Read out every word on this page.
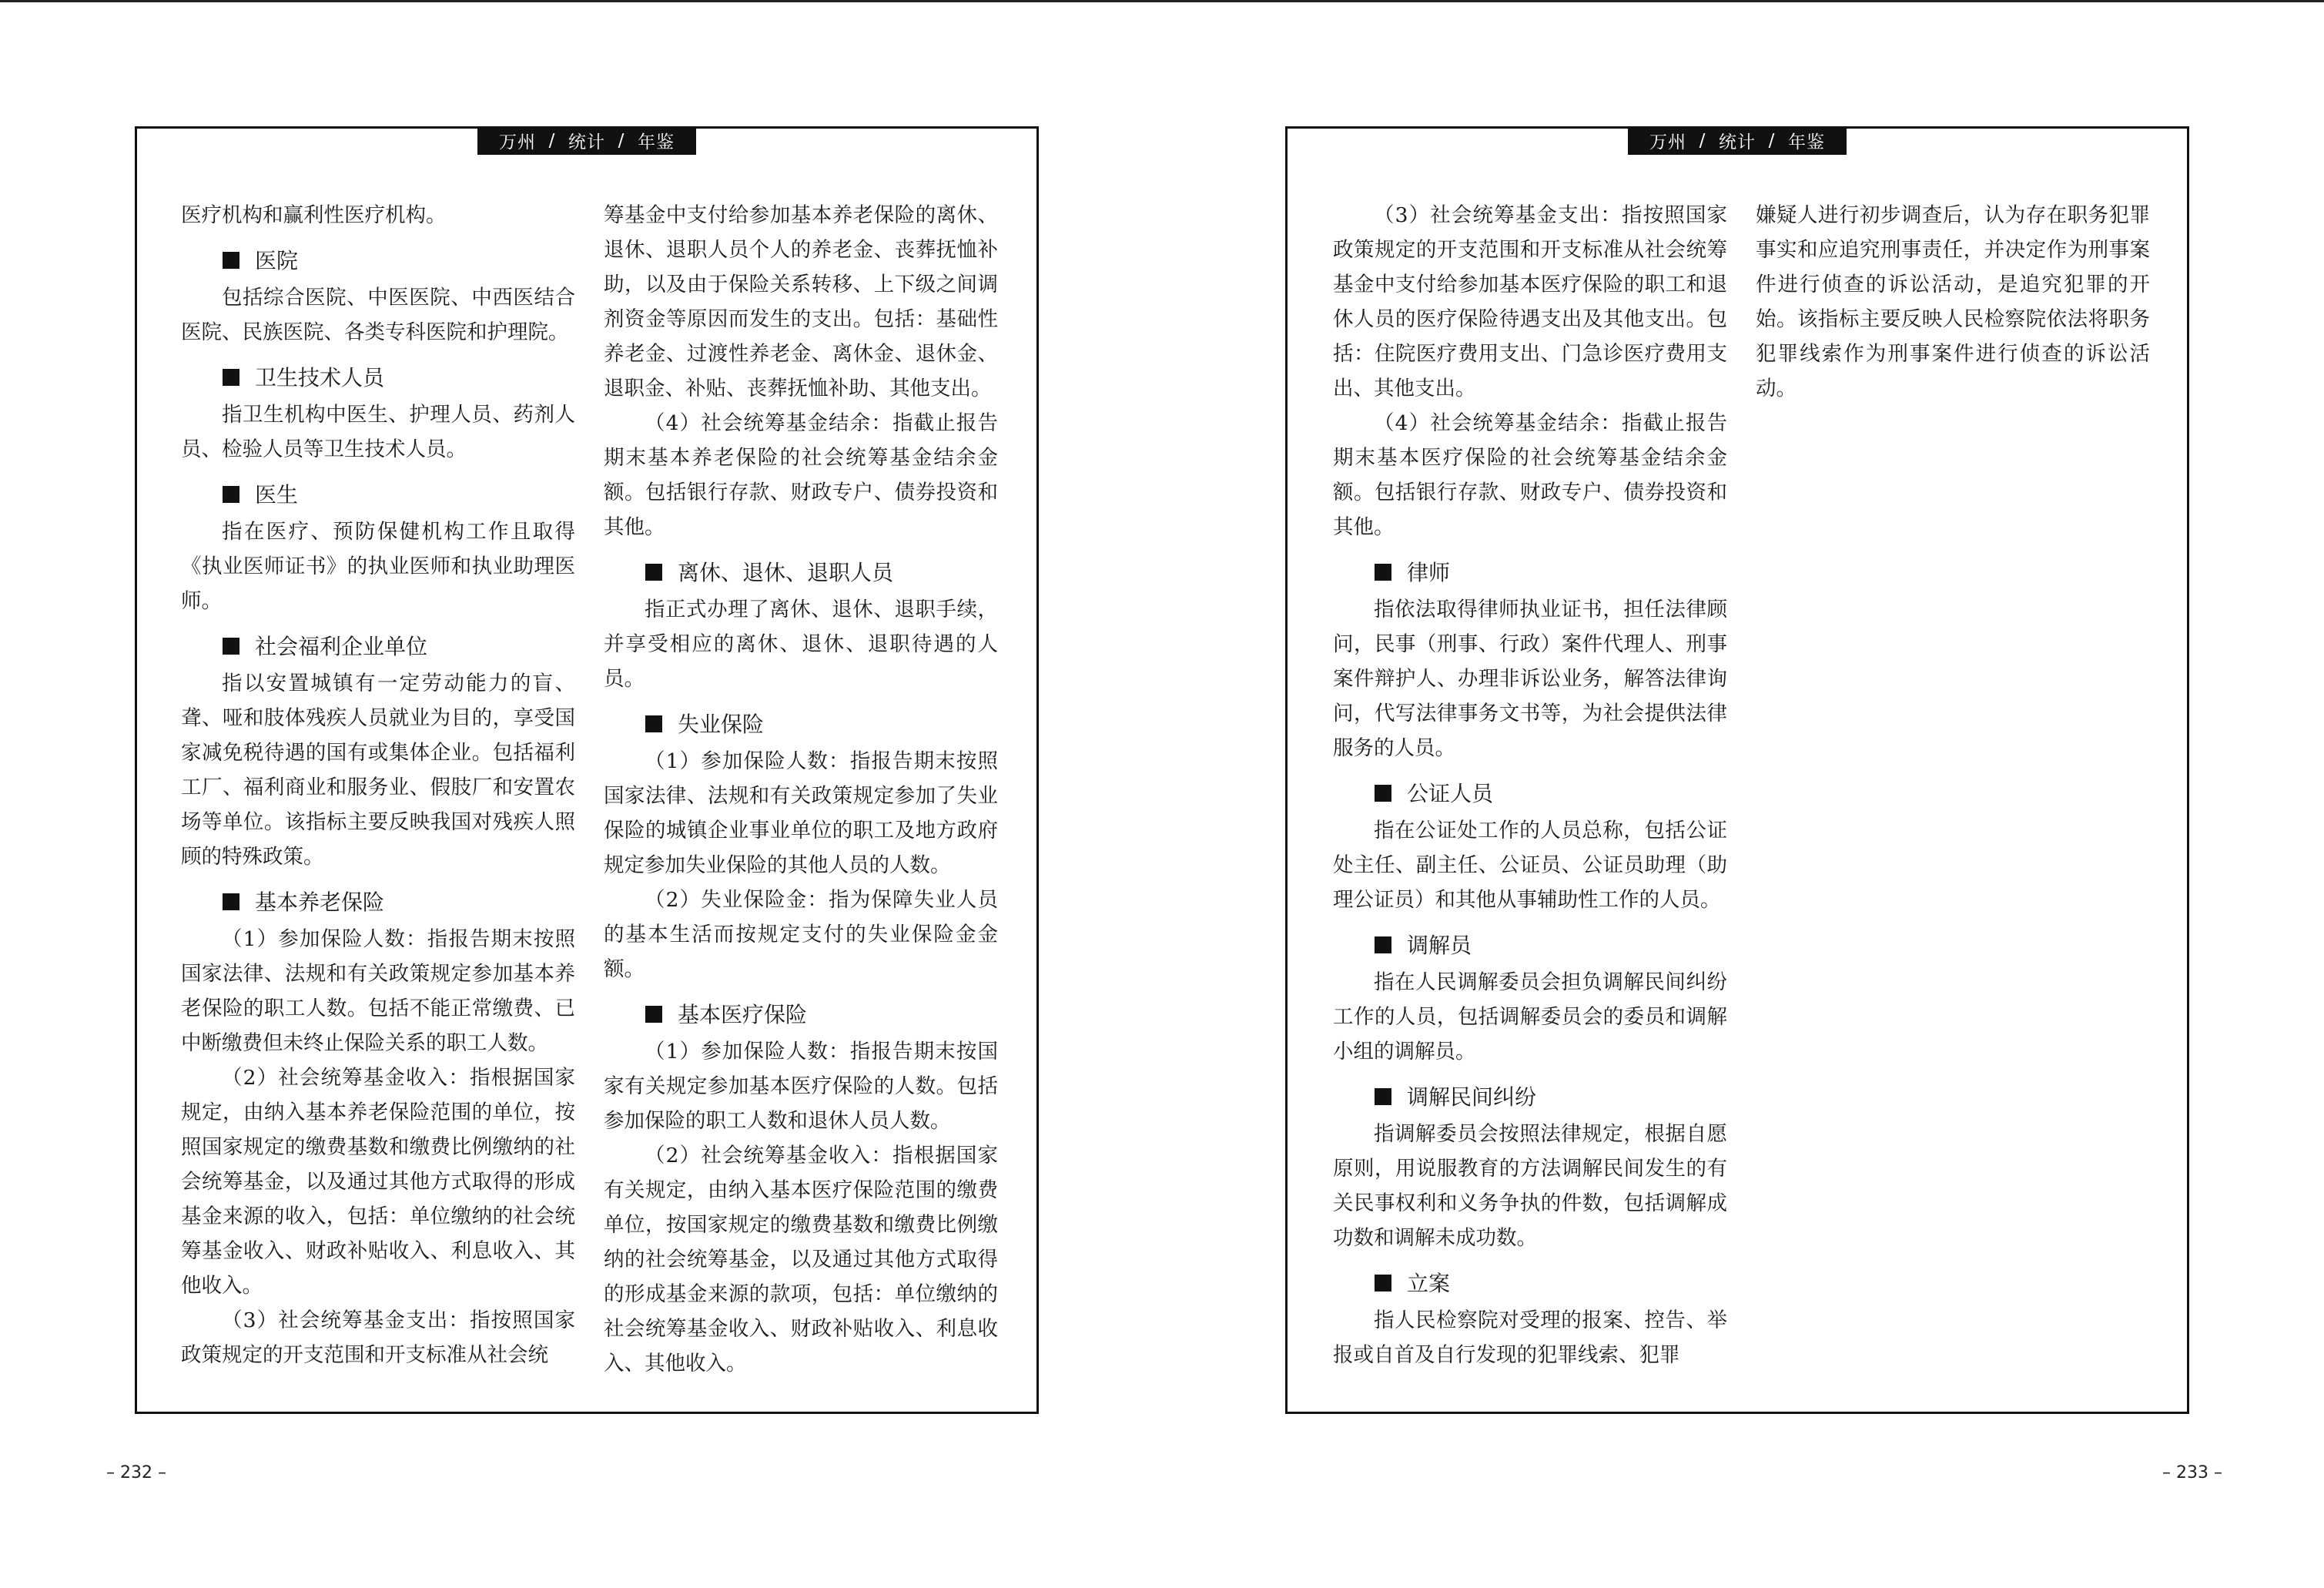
万州
/
统计
/
年鉴

医疗机构和赢利性医疗机构。

医院

包括综合医院、中医医院、中西医结合医院、民族医院、各类专科医院和护理院。

卫生技术人员

指卫生机构中医生、护理人员、药剂人员、检验人员等卫生技术人员。

医生

指在医疗、预防保健机构工作且取得《执业医师证书》的执业医师和执业助理医师。

社会福利企业单位

指以安置城镇有一定劳动能力的盲、聋、哑和肢体残疾人员就业为目的，享受国家减免税待遇的国有或集体企业。包括福利工厂、福利商业和服务业、假肢厂和安置农场等单位。该指标主要反映我国对残疾人照顾的特殊政策。

基本养老保险

（1）参加保险人数：指报告期末按照国家法律、法规和有关政策规定参加基本养老保险的职工人数。包括不能正常缴费、已中断缴费但未终止保险关系的职工人数。

（2）社会统筹基金收入：指根据国家规定，由纳入基本养老保险范围的单位，按照国家规定的缴费基数和缴费比例缴纳的社会统筹基金，以及通过其他方式取得的形成基金来源的收入，包括：单位缴纳的社会统筹基金收入、财政补贴收入、利息收入、其他收入。

（3）社会统筹基金支出：指按照国家政策规定的开支范围和开支标准从社会统

筹基金中支付给参加基本养老保险的离休、退休、退职人员个人的养老金、丧葬抚恤补助，以及由于保险关系转移、上下级之间调剂资金等原因而发生的支出。包括：基础性养老金、过渡性养老金、离休金、退休金、退职金、补贴、丧葬抚恤补助、其他支出。

（4）社会统筹基金结余：指截止报告期末基本养老保险的社会统筹基金结余金额。包括银行存款、财政专户、债券投资和其他。

离休、退休、退职人员

指正式办理了离休、退休、退职手续，并享受相应的离休、退休、退职待遇的人员。

失业保险

（1）参加保险人数：指报告期末按照国家法律、法规和有关政策规定参加了失业保险的城镇企业事业单位的职工及地方政府规定参加失业保险的其他人员的人数。

（2）失业保险金：指为保障失业人员的基本生活而按规定支付的失业保险金金额。

基本医疗保险

（1）参加保险人数：指报告期末按国家有关规定参加基本医疗保险的人数。包括参加保险的职工人数和退休人员人数。

（2）社会统筹基金收入：指根据国家有关规定，由纳入基本医疗保险范围的缴费单位，按国家规定的缴费基数和缴费比例缴纳的社会统筹基金，以及通过其他方式取得的形成基金来源的款项，包括：单位缴纳的社会统筹基金收入、财政补贴收入、利息收入、其他收入。

万州
/
统计
/
年鉴

（3）社会统筹基金支出：指按照国家政策规定的开支范围和开支标准从社会统筹基金中支付给参加基本医疗保险的职工和退休人员的医疗保险待遇支出及其他支出。包括：住院医疗费用支出、门急诊医疗费用支出、其他支出。

（4）社会统筹基金结余：指截止报告期末基本医疗保险的社会统筹基金结余金额。包括银行存款、财政专户、债券投资和其他。

律师

指依法取得律师执业证书，担任法律顾问，民事（刑事、行政）案件代理人、刑事案件辩护人、办理非诉讼业务，解答法律询问，代写法律事务文书等，为社会提供法律服务的人员。

公证人员

指在公证处工作的人员总称，包括公证处主任、副主任、公证员、公证员助理（助理公证员）和其他从事辅助性工作的人员。

调解员

指在人民调解委员会担负调解民间纠纷工作的人员，包括调解委员会的委员和调解小组的调解员。

调解民间纠纷

指调解委员会按照法律规定，根据自愿原则，用说服教育的方法调解民间发生的有关民事权利和义务争执的件数，包括调解成功数和调解未成功数。

立案

指人民检察院对受理的报案、控告、举报或自首及自行发现的犯罪线索、犯罪

嫌疑人进行初步调查后，认为存在职务犯罪事实和应追究刑事责任，并决定作为刑事案件进行侦查的诉讼活动，是追究犯罪的开始。该指标主要反映人民检察院依法将职务犯罪线索作为刑事案件进行侦查的诉讼活动。

– 232 –	– 233 –
